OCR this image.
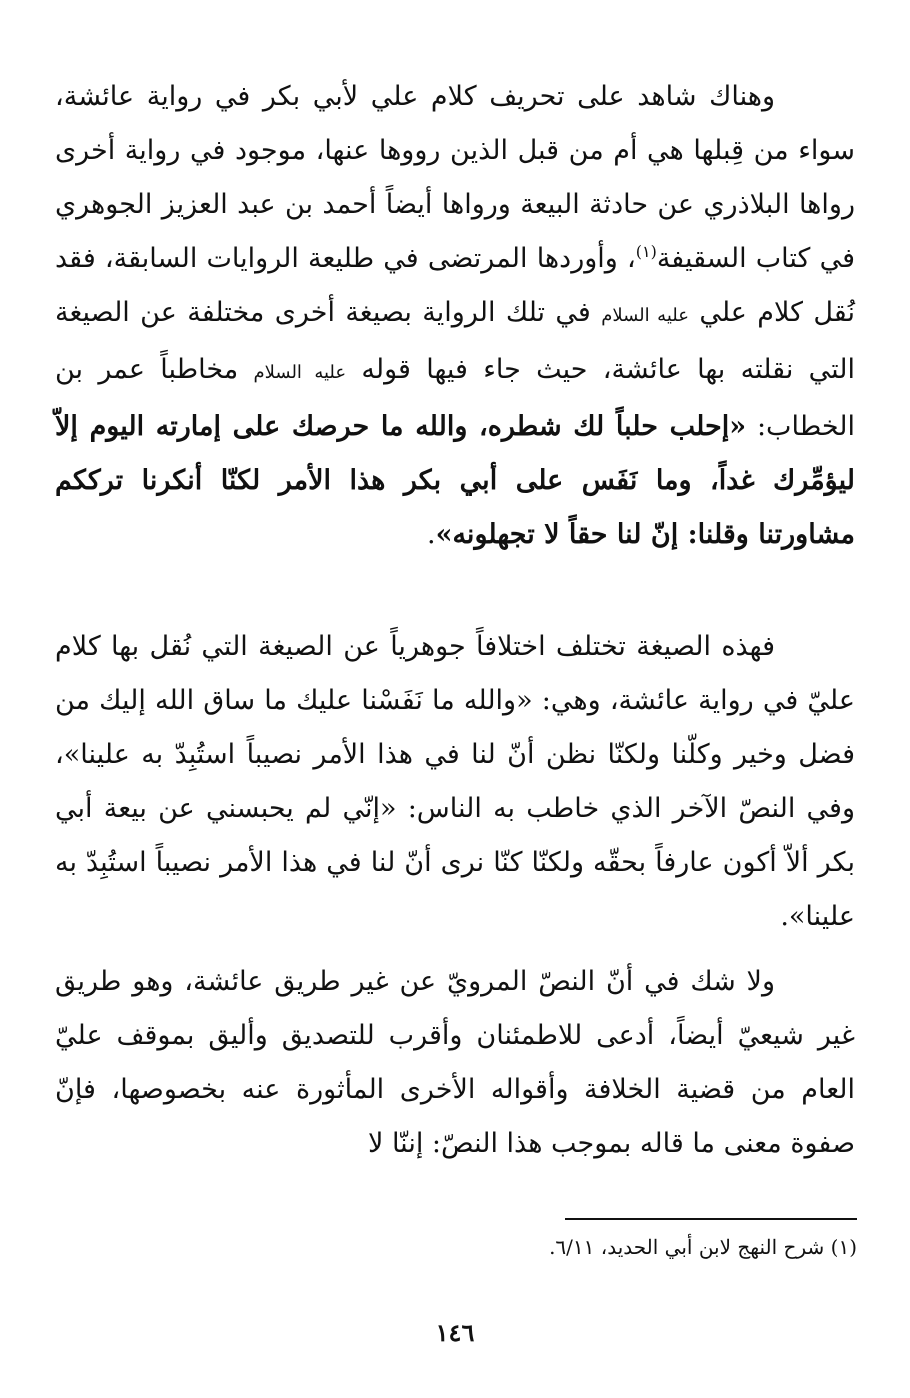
وهناك شاهد على تحريف كلام علي لأبي بكر في رواية عائشة، سواء من قِبلها هي أم من قبل الذين رووها عنها، موجود في رواية أخرى رواها البلاذري عن حادثة البيعة ورواها أيضاً أحمد بن عبد العزيز الجوهري في كتاب السقيفة$^{(١)}$، وأوردها المرتضى في طليعة الروايات السابقة، فقد نُقل كلام علي عليه السلام في تلك الرواية بصيغة أخرى مختلفة عن الصيغة التي نقلته بها عائشة، حيث جاء فيها قوله عليه السلام مخاطباً عمر بن الخطاب: «إحلب حلباً لك شطره، والله ما حرصك على إمارته اليوم إلاّ ليؤمِّرك غداً، وما نَفَس على أبي بكر هذا الأمر لكنّا أنكرنا ترككم مشاورتنا وقلنا: إنّ لنا حقاً لا تجهلونه».

فهذه الصيغة تختلف اختلافاً جوهرياً عن الصيغة التي نُقل بها كلام عليّ في رواية عائشة، وهي: «والله ما نَفَسْنا عليك ما ساق الله إليك من فضل وخير وكلّنا ولكنّا نظن أنّ لنا في هذا الأمر نصيباً استُبِدّ به علينا»، وفي النصّ الآخر الذي خاطب به الناس: «إنّي لم يحبسني عن بيعة أبي بكر ألاّ أكون عارفاً بحقّه ولكنّا كنّا نرى أنّ لنا في هذا الأمر نصيباً استُبِدّ به علينا».

ولا شك في أنّ النصّ المرويّ عن غير طريق عائشة، وهو طريق غير شيعيّ أيضاً، أدعى للاطمئنان وأقرب للتصديق وأليق بموقف عليّ العام من قضية الخلافة وأقواله الأخرى المأثورة عنه بخصوصها، فإنّ صفوة معنى ما قاله بموجب هذا النصّ: إننّا لا

(١) شرح النهج لابن أبي الحديد، ٦/١١.

١٤٦
